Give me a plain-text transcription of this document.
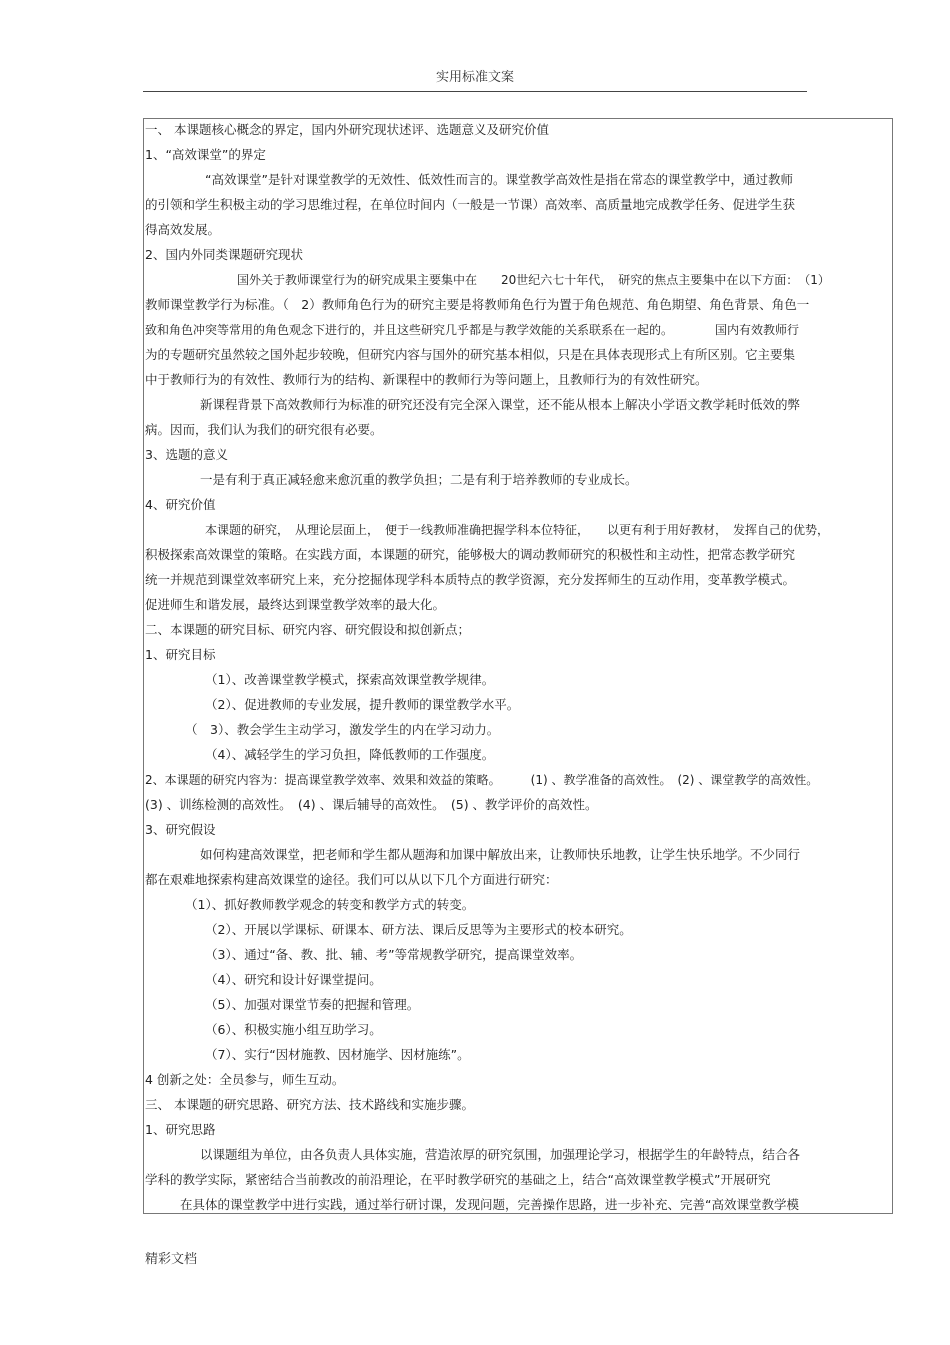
实用标准文案
一、 本课题核心概念的界定，国内外研究现状述评、选题意义及研究价值
1、“高效课堂”的界定
“高效课堂”是针对课堂教学的无效性、低效性而言的。课堂教学高效性是指在常态的课堂教学中，通过教师
的引领和学生积极主动的学习思维过程，在单位时间内（一般是一节课）高效率、高质量地完成教学任务、促进学生获
得高效发展。
2、国内外同类课题研究现状
国外关于教师课堂行为的研究成果主要集中在　　20世纪六七十年代，　研究的焦点主要集中在以下方面：　（1）
教师课堂教学行为标准。（　2）教师角色行为的研究主要是将教师角色行为置于角色规范、角色期望、角色背景、角色一
致和角色冲突等常用的角色观念下进行的，并且这些研究几乎都是与教学效能的关系联系在一起的。　　　　国内有效教师行
为的专题研究虽然较之国外起步较晚，但研究内容与国外的研究基本相似，只是在具体表现形式上有所区别。它主要集
中于教师行为的有效性、教师行为的结构、新课程中的教师行为等问题上，且教师行为的有效性研究。
新课程背景下高效教师行为标准的研究还没有完全深入课堂，还不能从根本上解决小学语文教学耗时低效的弊
病。因而，我们认为我们的研究很有必要。
3、选题的意义
一是有利于真正减轻愈来愈沉重的教学负担；二是有利于培养教师的专业成长。
4、研究价值
本课题的研究，　从理论层面上，　便于一线教师准确把握学科本位特征，　　以更有利于用好教材，　发挥自己的优势，
积极探索高效课堂的策略。在实践方面，本课题的研究，能够极大的调动教师研究的积极性和主动性，把常态教学研究
统一并规范到课堂效率研究上来，充分挖掘体现学科本质特点的教学资源，充分发挥师生的互动作用，变革教学模式。
促进师生和谐发展，最终达到课堂教学效率的最大化。
二、本课题的研究目标、研究内容、研究假设和拟创新点；
1、研究目标
（1）、改善课堂教学模式，探索高效课堂教学规律。
（2）、促进教师的专业发展，提升教师的课堂教学水平。
（　3）、教会学生主动学习，激发学生的内在学习动力。
（4）、减轻学生的学习负担，降低教师的工作强度。
2、本课题的研究内容为：提高课堂教学效率、效果和效益的策略。　　　(1) 、教学准备的高效性。　(2) 、课堂教学的高效性。
(3) 、训练检测的高效性。　(4) 、课后辅导的高效性。　(5) 、教学评价的高效性。
3、研究假设
如何构建高效课堂，把老师和学生都从题海和加课中解放出来，让教师快乐地教，让学生快乐地学。不少同行
都在艰难地探索构建高效课堂的途径。我们可以从以下几个方面进行研究：
（1）、抓好教师教学观念的转变和教学方式的转变。
（2）、开展以学课标、研课本、研方法、课后反思等为主要形式的校本研究。
（3）、通过“备、教、批、辅、考”等常规教学研究，提高课堂效率。
（4）、研究和设计好课堂提问。
（5）、加强对课堂节奏的把握和管理。
（6）、积极实施小组互助学习。
（7）、实行“因材施教、因材施学、因材施练”。
4 创新之处：全员参与，师生互动。
三、 本课题的研究思路、研究方法、技术路线和实施步骤。
1、研究思路
以课题组为单位，由各负责人具体实施，营造浓厚的研究氛围，加强理论学习，根据学生的年龄特点，结合各
学科的教学实际，紧密结合当前教改的前沿理论，在平时教学研究的基础之上，结合“高效课堂教学模式”开展研究
在具体的课堂教学中进行实践，通过举行研讨课，发现问题，完善操作思路，进一步补充、完善“高效课堂教学模
精彩文档
